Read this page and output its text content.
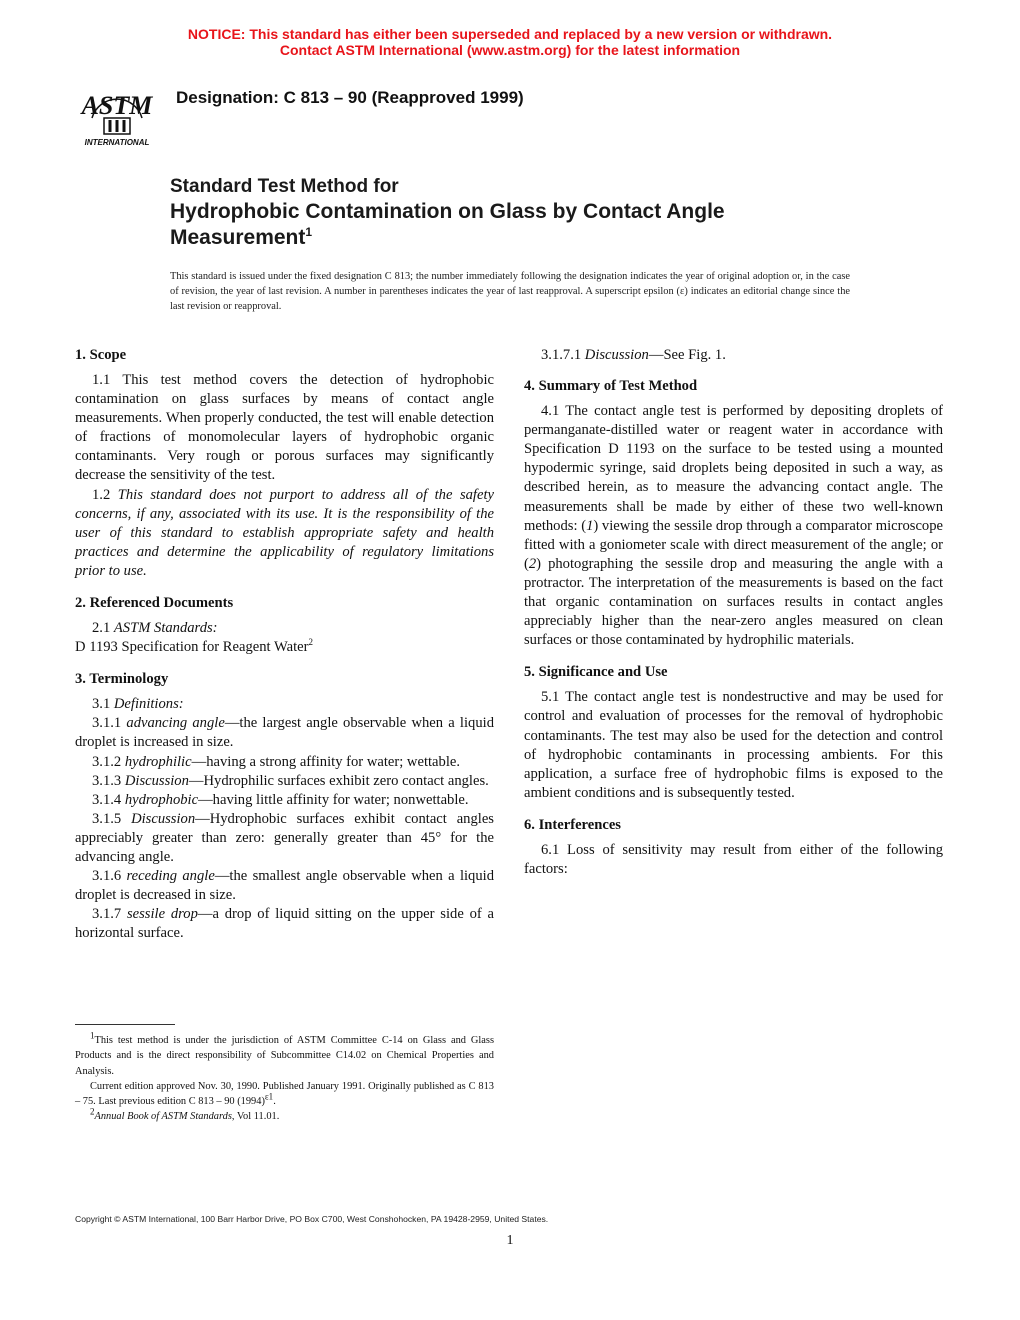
NOTICE: This standard has either been superseded and replaced by a new version or withdrawn.
Contact ASTM International (www.astm.org) for the latest information
ASTM
INTERNATIONAL
Designation: C 813 – 90 (Reapproved 1999)
Standard Test Method for
Hydrophobic Contamination on Glass by Contact Angle
Measurement$^1$
This standard is issued under the fixed designation C 813; the number immediately following the designation indicates the year of original adoption or, in the case of revision, the year of last revision. A number in parentheses indicates the year of last reapproval. A superscript epsilon (ε) indicates an editorial change since the last revision or reapproval.
1. Scope

1.1 This test method covers the detection of hydrophobic contamination on glass surfaces by means of contact angle measurements. When properly conducted, the test will enable detection of fractions of monomolecular layers of hydrophobic organic contaminants. Very rough or porous surfaces may significantly decrease the sensitivity of the test.

1.2 This standard does not purport to address all of the safety concerns, if any, associated with its use. It is the responsibility of the user of this standard to establish appropriate safety and health practices and determine the applicability of regulatory limitations prior to use.

2. Referenced Documents

2.1 ASTM Standards:

D 1193 Specification for Reagent Water$^2$

3. Terminology

3.1 Definitions:

3.1.1 advancing angle—the largest angle observable when a liquid droplet is increased in size.

3.1.2 hydrophilic—having a strong affinity for water; wettable.

3.1.3 Discussion—Hydrophilic surfaces exhibit zero contact angles.

3.1.4 hydrophobic—having little affinity for water; nonwettable.

3.1.5 Discussion—Hydrophobic surfaces exhibit contact angles appreciably greater than zero: generally greater than 45° for the advancing angle.

3.1.6 receding angle—the smallest angle observable when a liquid droplet is decreased in size.

3.1.7 sessile drop—a drop of liquid sitting on the upper side of a horizontal surface.

3.1.7.1 Discussion—See Fig. 1.

4. Summary of Test Method

4.1 The contact angle test is performed by depositing droplets of permanganate-distilled water or reagent water in accordance with Specification D 1193 on the surface to be tested using a mounted hypodermic syringe, said droplets being deposited in such a way, as described herein, as to measure the advancing contact angle. The measurements shall be made by either of these two well-known methods: (1) viewing the sessile drop through a comparator microscope fitted with a goniometer scale with direct measurement of the angle; or (2) photographing the sessile drop and measuring the angle with a protractor. The interpretation of the measurements is based on the fact that organic contamination on surfaces results in contact angles appreciably higher than the near-zero angles measured on clean surfaces or those contaminated by hydrophilic materials.

5. Significance and Use

5.1 The contact angle test is nondestructive and may be used for control and evaluation of processes for the removal of hydrophobic contaminants. The test may also be used for the detection and control of hydrophobic contaminants in processing ambients. For this application, a surface free of hydrophobic films is exposed to the ambient conditions and is subsequently tested.

6. Interferences

6.1 Loss of sensitivity may result from either of the following factors:

$^1$This test method is under the jurisdiction of ASTM Committee C-14 on Glass and Glass Products and is the direct responsibility of Subcommittee C14.02 on Chemical Properties and Analysis.

Current edition approved Nov. 30, 1990. Published January 1991. Originally published as C 813 – 75. Last previous edition C 813 – 90 $(1994)^{\varepsilon 1}$.

$^2$Annual Book of ASTM Standards, Vol 11.01.

Copyright © ASTM International, 100 Barr Harbor Drive, PO Box C700, West Conshohocken, PA 19428-2959, United States.
1
